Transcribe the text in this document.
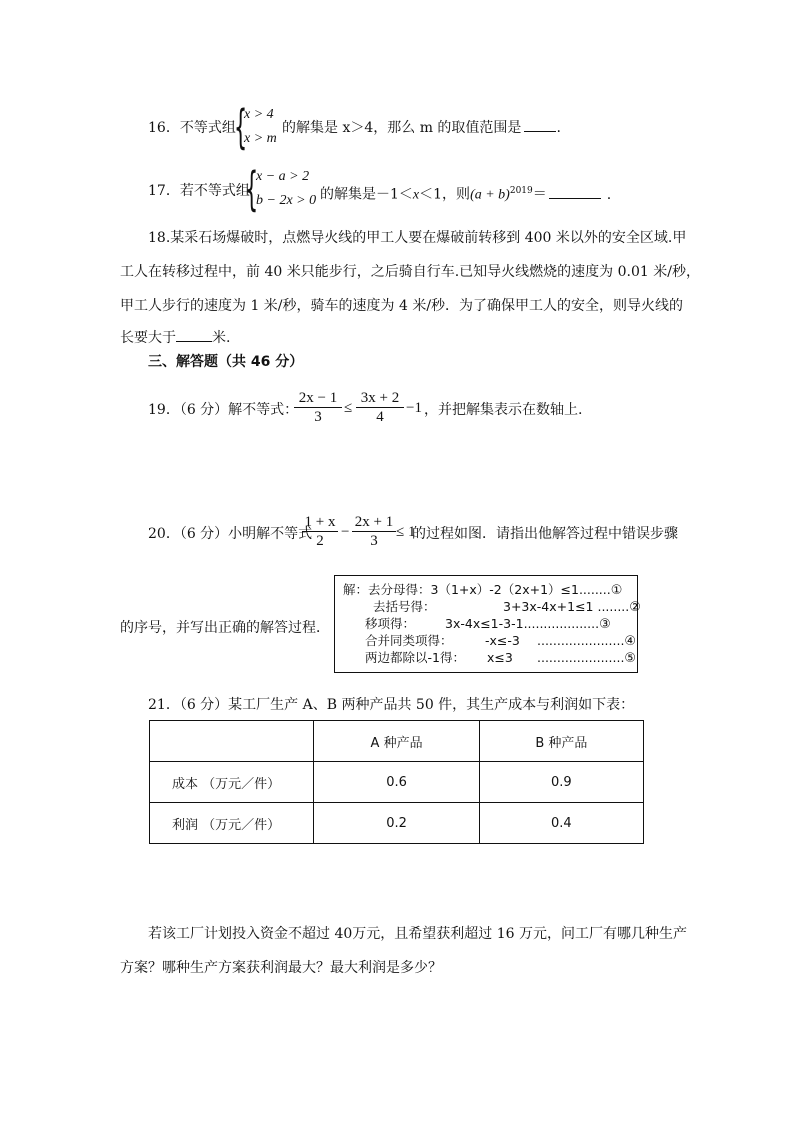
16．不等式组
{
x > 4
x > m
的解集是 x＞4，那么 m 的取值范围是	.
17．若不等式组
{
x − a > 2
b − 2x > 0 的解集是－1＜x＜1，则$(a + b)^{2019}=$	.
18.某采石场爆破时，点燃导火线的甲工人要在爆破前转移到 400 米以外的安全区域.甲
工人在转移过程中，前 40 米只能步行，之后骑自行车.已知导火线燃烧的速度为 0.01 米/秒，
甲工人步行的速度为 1 米/秒，骑车的速度为 4 米/秒．为了确保甲工人的安全，则导火线的
长要大于	米.
三、解答题（共 46 分）
19．（6 分）解不等式：
2x − 1
3
≤
3x + 2
4
−1 ，并把解集表示在数轴上.
20．（6 分）小明解不等式
1 + x
2
−
2x + 1
3
≤ 1
的过程如图．请指出他解答过程中错误步骤
的序号，并写出正确的解答过程．
解：去分母得：3（1+x）-2（2x+1）≤1........①
去括号得：	3+3x-4x+1≤1 ........②
移项得： 3x-4x≤1-3-1...................③
合并同类项得：	-x≤-3 ......................④
两边都除以-1得： x≤3 ......................⑤
21．（6 分）某工厂生产 A、B 两种产品共 50 件，其生产成本与利润如下表：
	A 种产品	B 种产品
成本 （万元／件）	0.6	0.9
利润 （万元／件）	0.2	0.4
若该工厂计划投入资金不超过 40万元，且希望获利超过 16 万元，问工厂有哪几种生产
方案？哪种生产方案获利润最大？最大利润是多少？
